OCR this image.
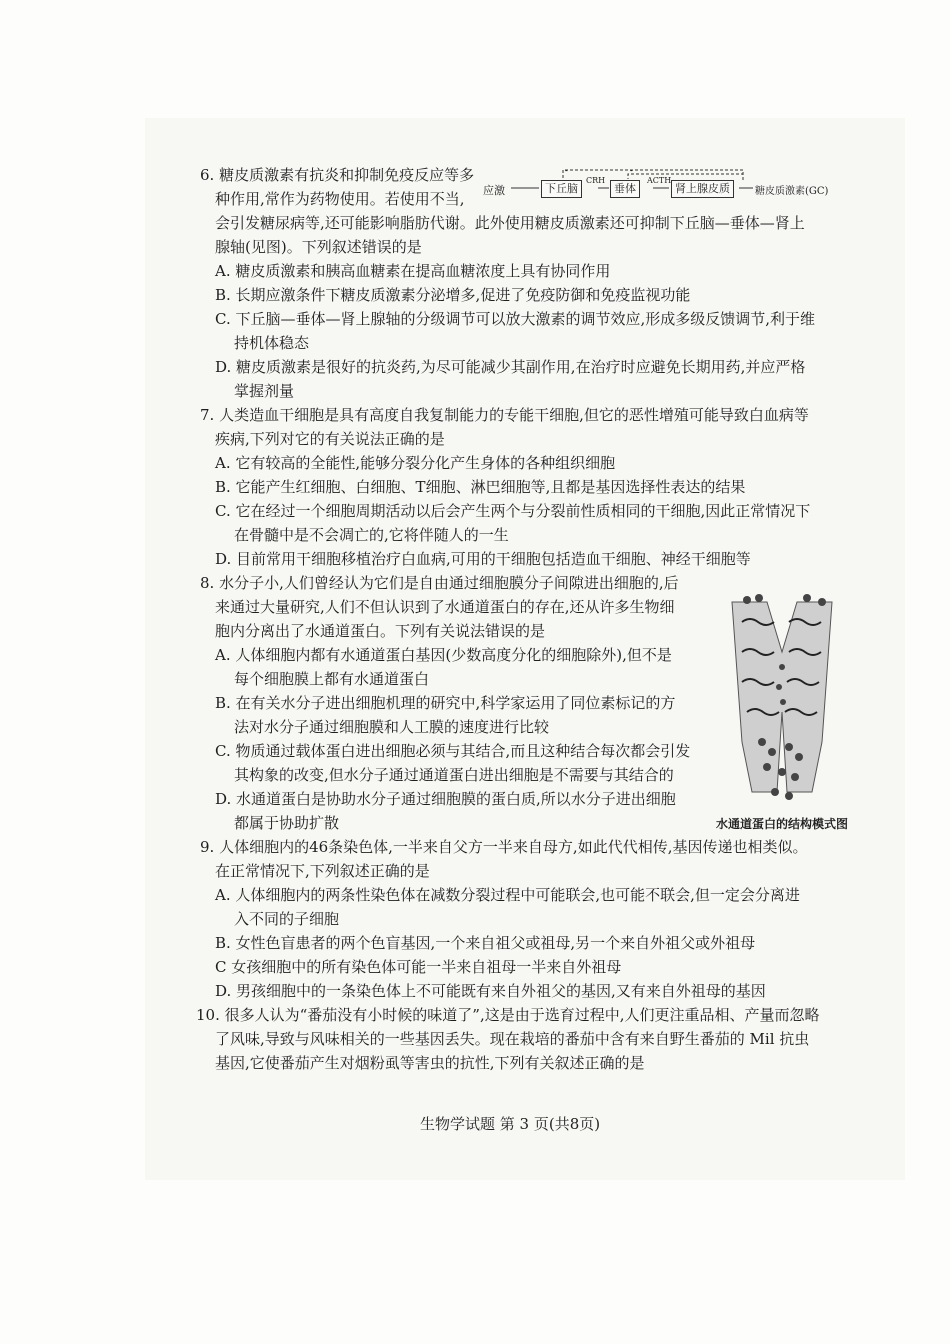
应激	下丘脑
CRH
垂体
ACTH
肾上腺皮质	糖皮质激素(GC)
-	-
6. 糖皮质激素有抗炎和抑制免疫反应等多
种作用,常作为药物使用。若使用不当,
会引发糖尿病等,还可能影响脂肪代谢。此外使用糖皮质激素还可抑制下丘脑—垂体—肾上
腺轴(见图)。下列叙述错误的是
A. 糖皮质激素和胰高血糖素在提高血糖浓度上具有协同作用
B. 长期应激条件下糖皮质激素分泌增多,促进了免疫防御和免疫监视功能
C. 下丘脑—垂体—肾上腺轴的分级调节可以放大激素的调节效应,形成多级反馈调节,利于维
持机体稳态
D. 糖皮质激素是很好的抗炎药,为尽可能减少其副作用,在治疗时应避免长期用药,并应严格
掌握剂量
7. 人类造血干细胞是具有高度自我复制能力的专能干细胞,但它的恶性增殖可能导致白血病等
疾病,下列对它的有关说法正确的是
A. 它有较高的全能性,能够分裂分化产生身体的各种组织细胞
B. 它能产生红细胞、白细胞、T细胞、淋巴细胞等,且都是基因选择性表达的结果
C. 它在经过一个细胞周期活动以后会产生两个与分裂前性质相同的干细胞,因此正常情况下
在骨髓中是不会凋亡的,它将伴随人的一生
D. 目前常用干细胞移植治疗白血病,可用的干细胞包括造血干细胞、神经干细胞等
8. 水分子小,人们曾经认为它们是自由通过细胞膜分子间隙进出细胞的,后
来通过大量研究,人们不但认识到了水通道蛋白的存在,还从许多生物细
胞内分离出了水通道蛋白。下列有关说法错误的是
A. 人体细胞内都有水通道蛋白基因(少数高度分化的细胞除外),但不是
每个细胞膜上都有水通道蛋白
B. 在有关水分子进出细胞机理的研究中,科学家运用了同位素标记的方
法对水分子通过细胞膜和人工膜的速度进行比较
C. 物质通过载体蛋白进出细胞必须与其结合,而且这种结合每次都会引发
其构象的改变,但水分子通过通道蛋白进出细胞是不需要与其结合的
D. 水通道蛋白是协助水分子通过细胞膜的蛋白质,所以水分子进出细胞
都属于协助扩散
9. 人体细胞内的46条染色体,一半来自父方一半来自母方,如此代代相传,基因传递也相类似。
在正常情况下,下列叙述正确的是
A. 人体细胞内的两条性染色体在减数分裂过程中可能联会,也可能不联会,但一定会分离进
入不同的子细胞
B. 女性色盲患者的两个色盲基因,一个来自祖父或祖母,另一个来自外祖父或外祖母
C 女孩细胞中的所有染色体可能一半来自祖母一半来自外祖母
D. 男孩细胞中的一条染色体上不可能既有来自外祖父的基因,又有来自外祖母的基因
10. 很多人认为“番茄没有小时候的味道了”,这是由于选育过程中,人们更注重品相、产量而忽略
了风味,导致与风味相关的一些基因丢失。现在栽培的番茄中含有来自野生番茄的 Mil 抗虫
基因,它使番茄产生对烟粉虱等害虫的抗性,下列有关叙述正确的是
水通道蛋白的结构模式图
生物学试题 第 3 页(共8页)
